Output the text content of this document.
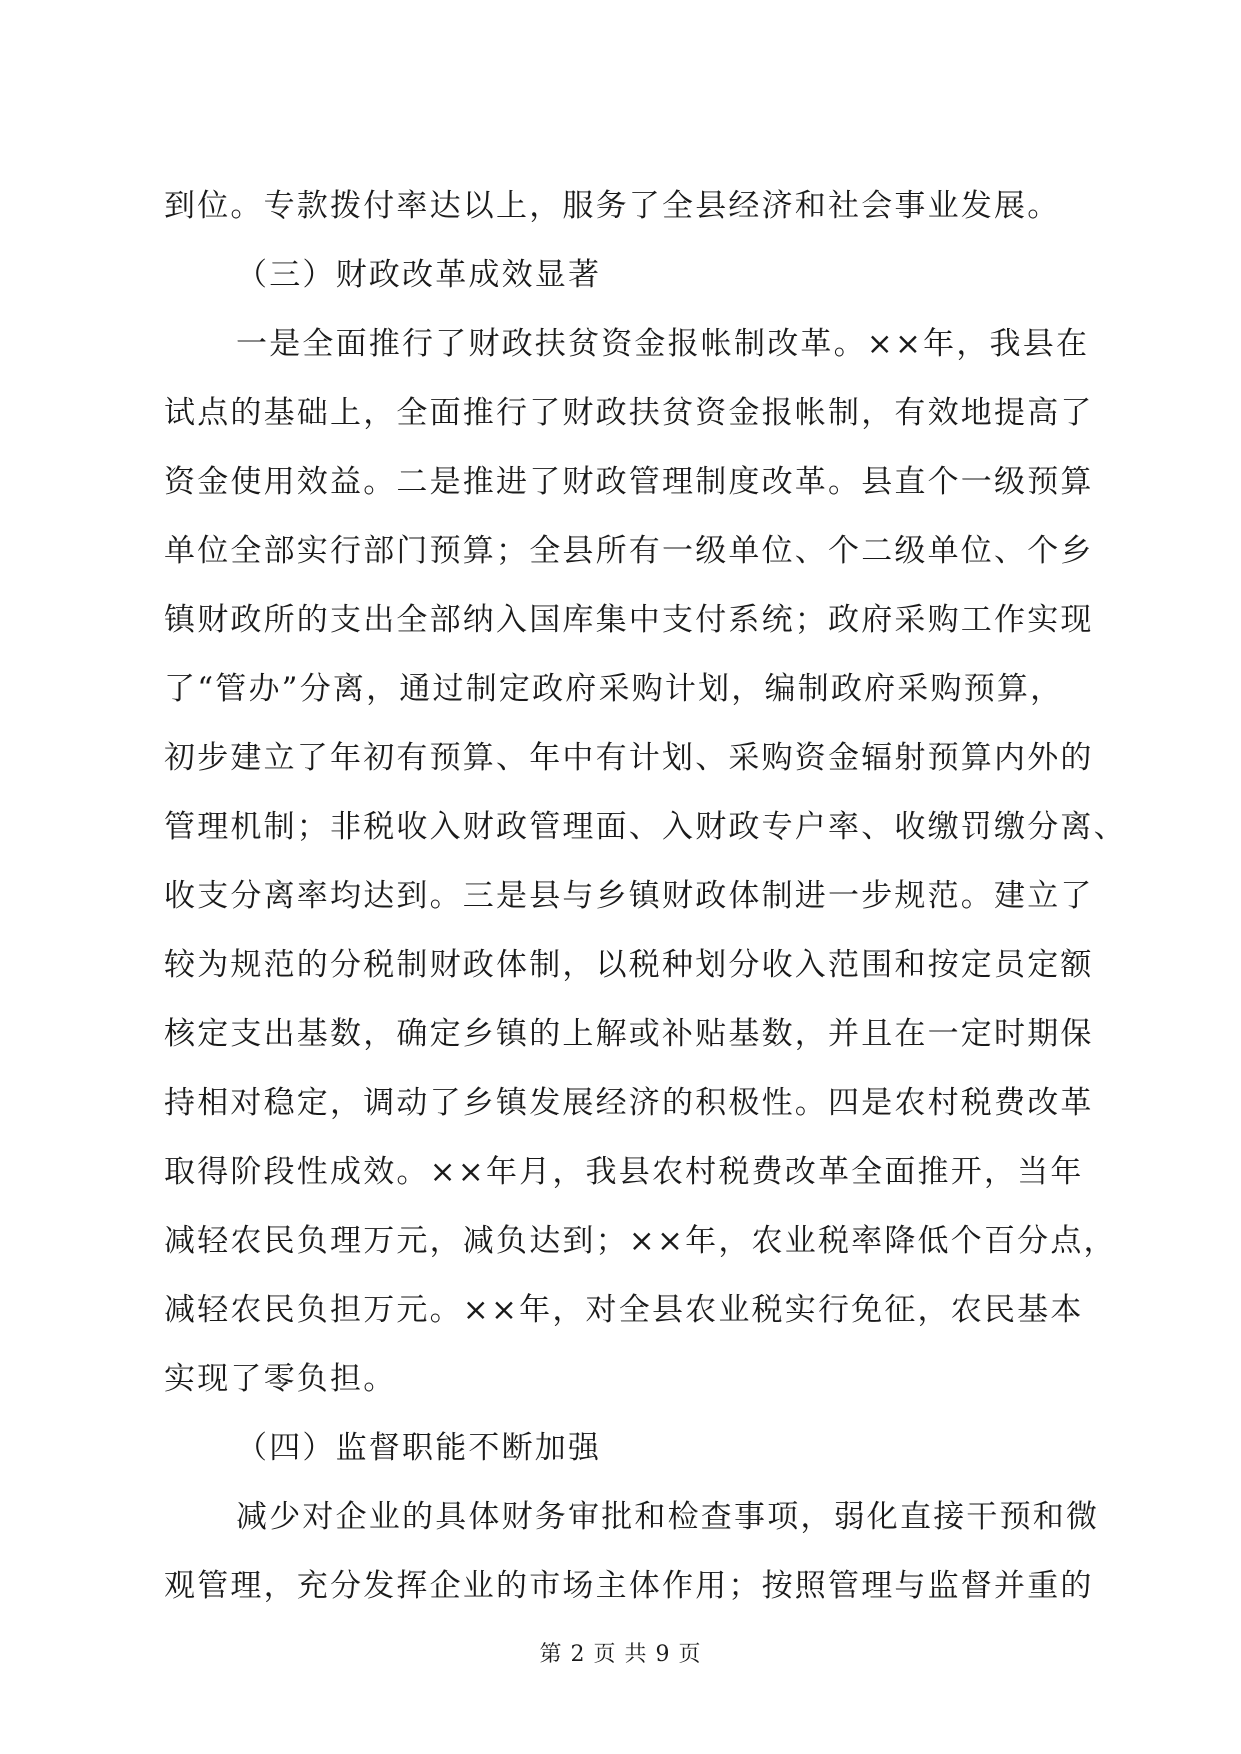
到位。专款拨付率达以上，服务了全县经济和社会事业发展。
（三）财政改革成效显著
一是全面推行了财政扶贫资金报帐制改革。××年，我县在
试点的基础上，全面推行了财政扶贫资金报帐制，有效地提高了
资金使用效益。二是推进了财政管理制度改革。县直个一级预算
单位全部实行部门预算；全县所有一级单位、个二级单位、个乡
镇财政所的支出全部纳入国库集中支付系统；政府采购工作实现
了“管办”分离，通过制定政府采购计划，编制政府采购预算，
初步建立了年初有预算、年中有计划、采购资金辐射预算内外的
管理机制；非税收入财政管理面、入财政专户率、收缴罚缴分离、
收支分离率均达到。三是县与乡镇财政体制进一步规范。建立了
较为规范的分税制财政体制，以税种划分收入范围和按定员定额
核定支出基数，确定乡镇的上解或补贴基数，并且在一定时期保
持相对稳定，调动了乡镇发展经济的积极性。四是农村税费改革
取得阶段性成效。××年月，我县农村税费改革全面推开，当年
减轻农民负理万元，减负达到；××年，农业税率降低个百分点，
减轻农民负担万元。××年，对全县农业税实行免征，农民基本
实现了零负担。
（四）监督职能不断加强
减少对企业的具体财务审批和检查事项，弱化直接干预和微
观管理，充分发挥企业的市场主体作用；按照管理与监督并重的
第 2 页 共 9 页
